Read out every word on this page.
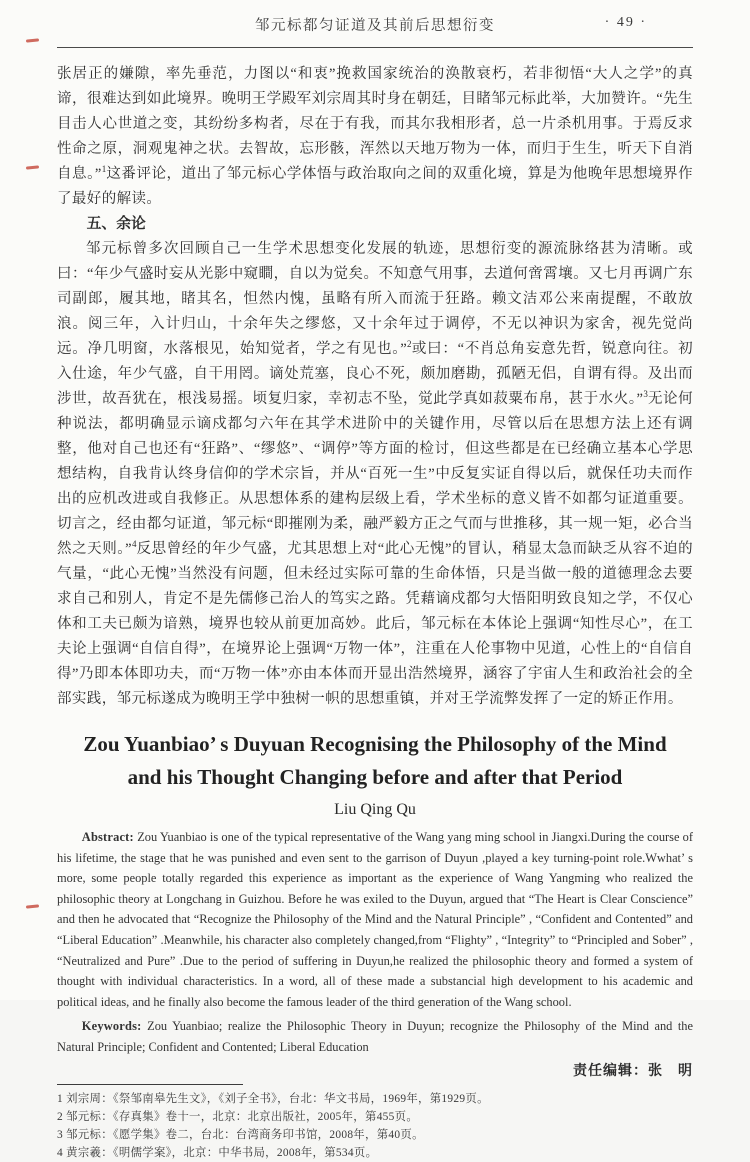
邹元标都匀证道及其前后思想衍变	· 49 ·

张居正的嫌隙，率先垂范，力图以“和衷”挽救国家统治的涣散衰朽，若非彻悟“大人之学”的真谛，很难达到如此境界。晚明王学殿军刘宗周其时身在朝廷，目睹邹元标此举，大加赞许。“先生目击人心世道之变，其纷纷多构者，尽在于有我，而其尔我相形者，总一片杀机用事。于焉反求性命之原，洞观鬼神之状。去智故，忘形骸，浑然以天地万物为一体，而归于生生，听天下自消自息。”$^1$这番评论，道出了邹元标心学体悟与政治取向之间的双重化境，算是为他晚年思想境界作了最好的解读。

五、余论

邹元标曾多次回顾自己一生学术思想变化发展的轨迹，思想衍变的源流脉络甚为清晰。或曰：“年少气盛时妄从光影中窥瞷，自以为觉矣。不知意气用事，去道何啻霄壤。又七月再调广东司副郎，履其地，睹其名，怛然内愧，虽略有所入而流于狂路。赖文洁邓公来南提醒，不敢放浪。阅三年，入计归山，十余年失之缪悠，又十余年过于调停，不无以神识为家舍，视先觉尚远。净几明窗，水落根见，始知觉者，学之有见也。”$^2$或曰：“不肖总角妄意先哲，锐意向往。初入仕途，年少气盛，自干用罔。谪处荒塞，良心不死，颇加磨勘，孤陋无侣，自谓有得。及出而涉世，故吾犹在，根浅易摇。顷复归家，幸初志不坠，觉此学真如菽粟布帛，甚于水火。”$^3$无论何种说法，都明确显示谪戍都匀六年在其学术进阶中的关键作用，尽管以后在思想方法上还有调整，他对自己也还有“狂路”、“缪悠”、“调停”等方面的检讨，但这些都是在已经确立基本心学思想结构，自我肯认终身信仰的学术宗旨，并从“百死一生”中反复实证自得以后，就保任功夫而作出的应机改进或自我修正。从思想体系的建构层级上看，学术坐标的意义皆不如都匀证道重要。切言之，经由都匀证道，邹元标“即摧刚为柔，融严毅方正之气而与世推移，其一规一矩，必合当然之天则。”$^4$反思曾经的年少气盛，尤其思想上对“此心无愧”的冒认，稍显太急而缺乏从容不迫的气量，“此心无愧”当然没有问题，但未经过实际可靠的生命体悟，只是当做一般的道德理念去要求自己和别人，肯定不是先儒修己治人的笃实之路。凭藉谪戍都匀大悟阳明致良知之学，不仅心体和工夫已颇为谙熟，境界也较从前更加高妙。此后，邹元标在本体论上强调“知性尽心”，在工夫论上强调“自信自得”，在境界论上强调“万物一体”，注重在人伦事物中见道，心性上的“自信自得”乃即本体即功夫，而“万物一体”亦由本体而开显出浩然境界，涵容了宇宙人生和政治社会的全部实践，邹元标遂成为晚明王学中独树一帜的思想重镇，并对王学流弊发挥了一定的矫正作用。

Zou Yuanbiao’ s Duyuan Recognising the Philosophy of the Mind
and his Thought Changing before and after that Period
Liu Qing Qu

Abstract: Zou Yuanbiao is one of the typical representative of the Wang yang ming school in Jiangxi.During the course of his lifetime, the stage that he was punished and even sent to the garrison of Duyun ,played a key turning-point role.Wwhat’ s more, some people totally regarded this experience as important as the experience of Wang Yangming who realized the philosophic theory at Longchang in Guizhou. Before he was exiled to the Duyun, argued that “The Heart is Clear Conscience” and then he advocated that “Recognize the Philosophy of the Mind and the Natural Principle” , “Confident and Contented” and “Liberal Education” .Meanwhile, his character also completely changed,from “Flighty” , “Integrity” to “Principled and Sober” , “Neutralized and Pure” .Due to the period of suffering in Duyun,he realized the philosophic theory and formed a system of thought with individual characteristics. In a word, all of these made a substancial high development to his academic and political ideas, and he finally also become the famous leader of the third generation of the Wang school.

Keywords: Zou Yuanbiao; realize the Philosophic Theory in Duyun; recognize the Philosophy of the Mind and the Natural Principle; Confident and Contented; Liberal Education

责任编辑：张　明
1 刘宗周：《祭邹南皋先生文》，《刘子全书》，台北：华文书局，1969年，第1929页。
2 邹元标：《存真集》卷十一，北京：北京出版社，2005年，第455页。
3 邹元标：《愿学集》卷二，台北：台湾商务印书馆，2008年，第40页。
4 黄宗羲：《明儒学案》，北京：中华书局，2008年，第534页。
